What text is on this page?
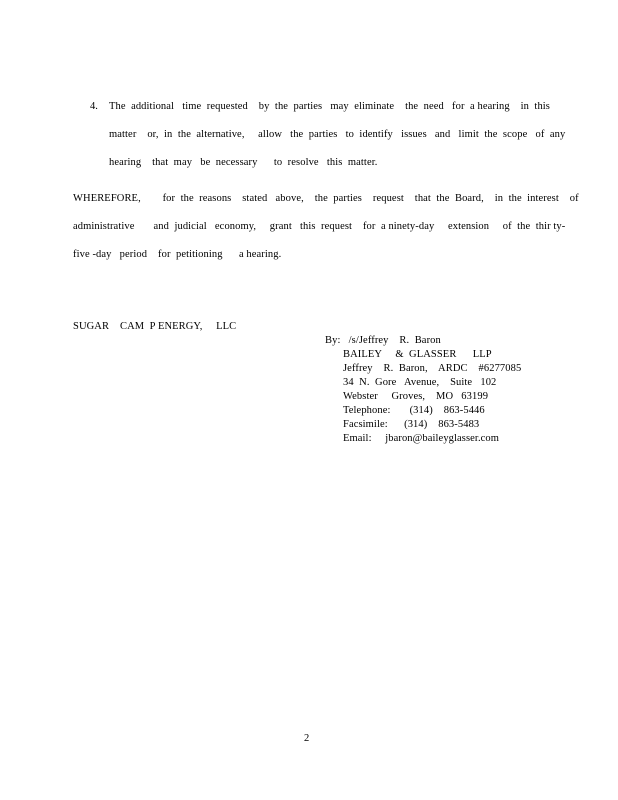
4. The  additional   time  requested    by  the  parties   may  eliminate    the  need   for  a hearing    in  this
matter    or,  in  the  alternative,     allow   the  parties   to  identify   issues   and   limit  the  scope   of  any
hearing    that  may   be  necessary      to  resolve   this  matter.
WHEREFORE,        for  the  reasons    stated   above,    the  parties    request    that  the  Board,    in  the  interest    of
administrative       and  judicial   economy,     grant   this  request    for  a ninety-day     extension     of  the  thir ty-
five -day   period    for  petitioning      a hearing.
SUGAR    CAM  P ENERGY,     LLC
By:   /s/Jeffrey    R.  Baron
BAILEY     &  GLASSER      LLP
Jeffrey    R.  Baron,    ARDC    #6277085
34  N.  Gore   Avenue,    Suite   102
Webster     Groves,    MO   63199
Telephone:       (314)    863-5446
Facsimile:      (314)    863-5483
Email:     jbaron@baileyglasser.com
2
